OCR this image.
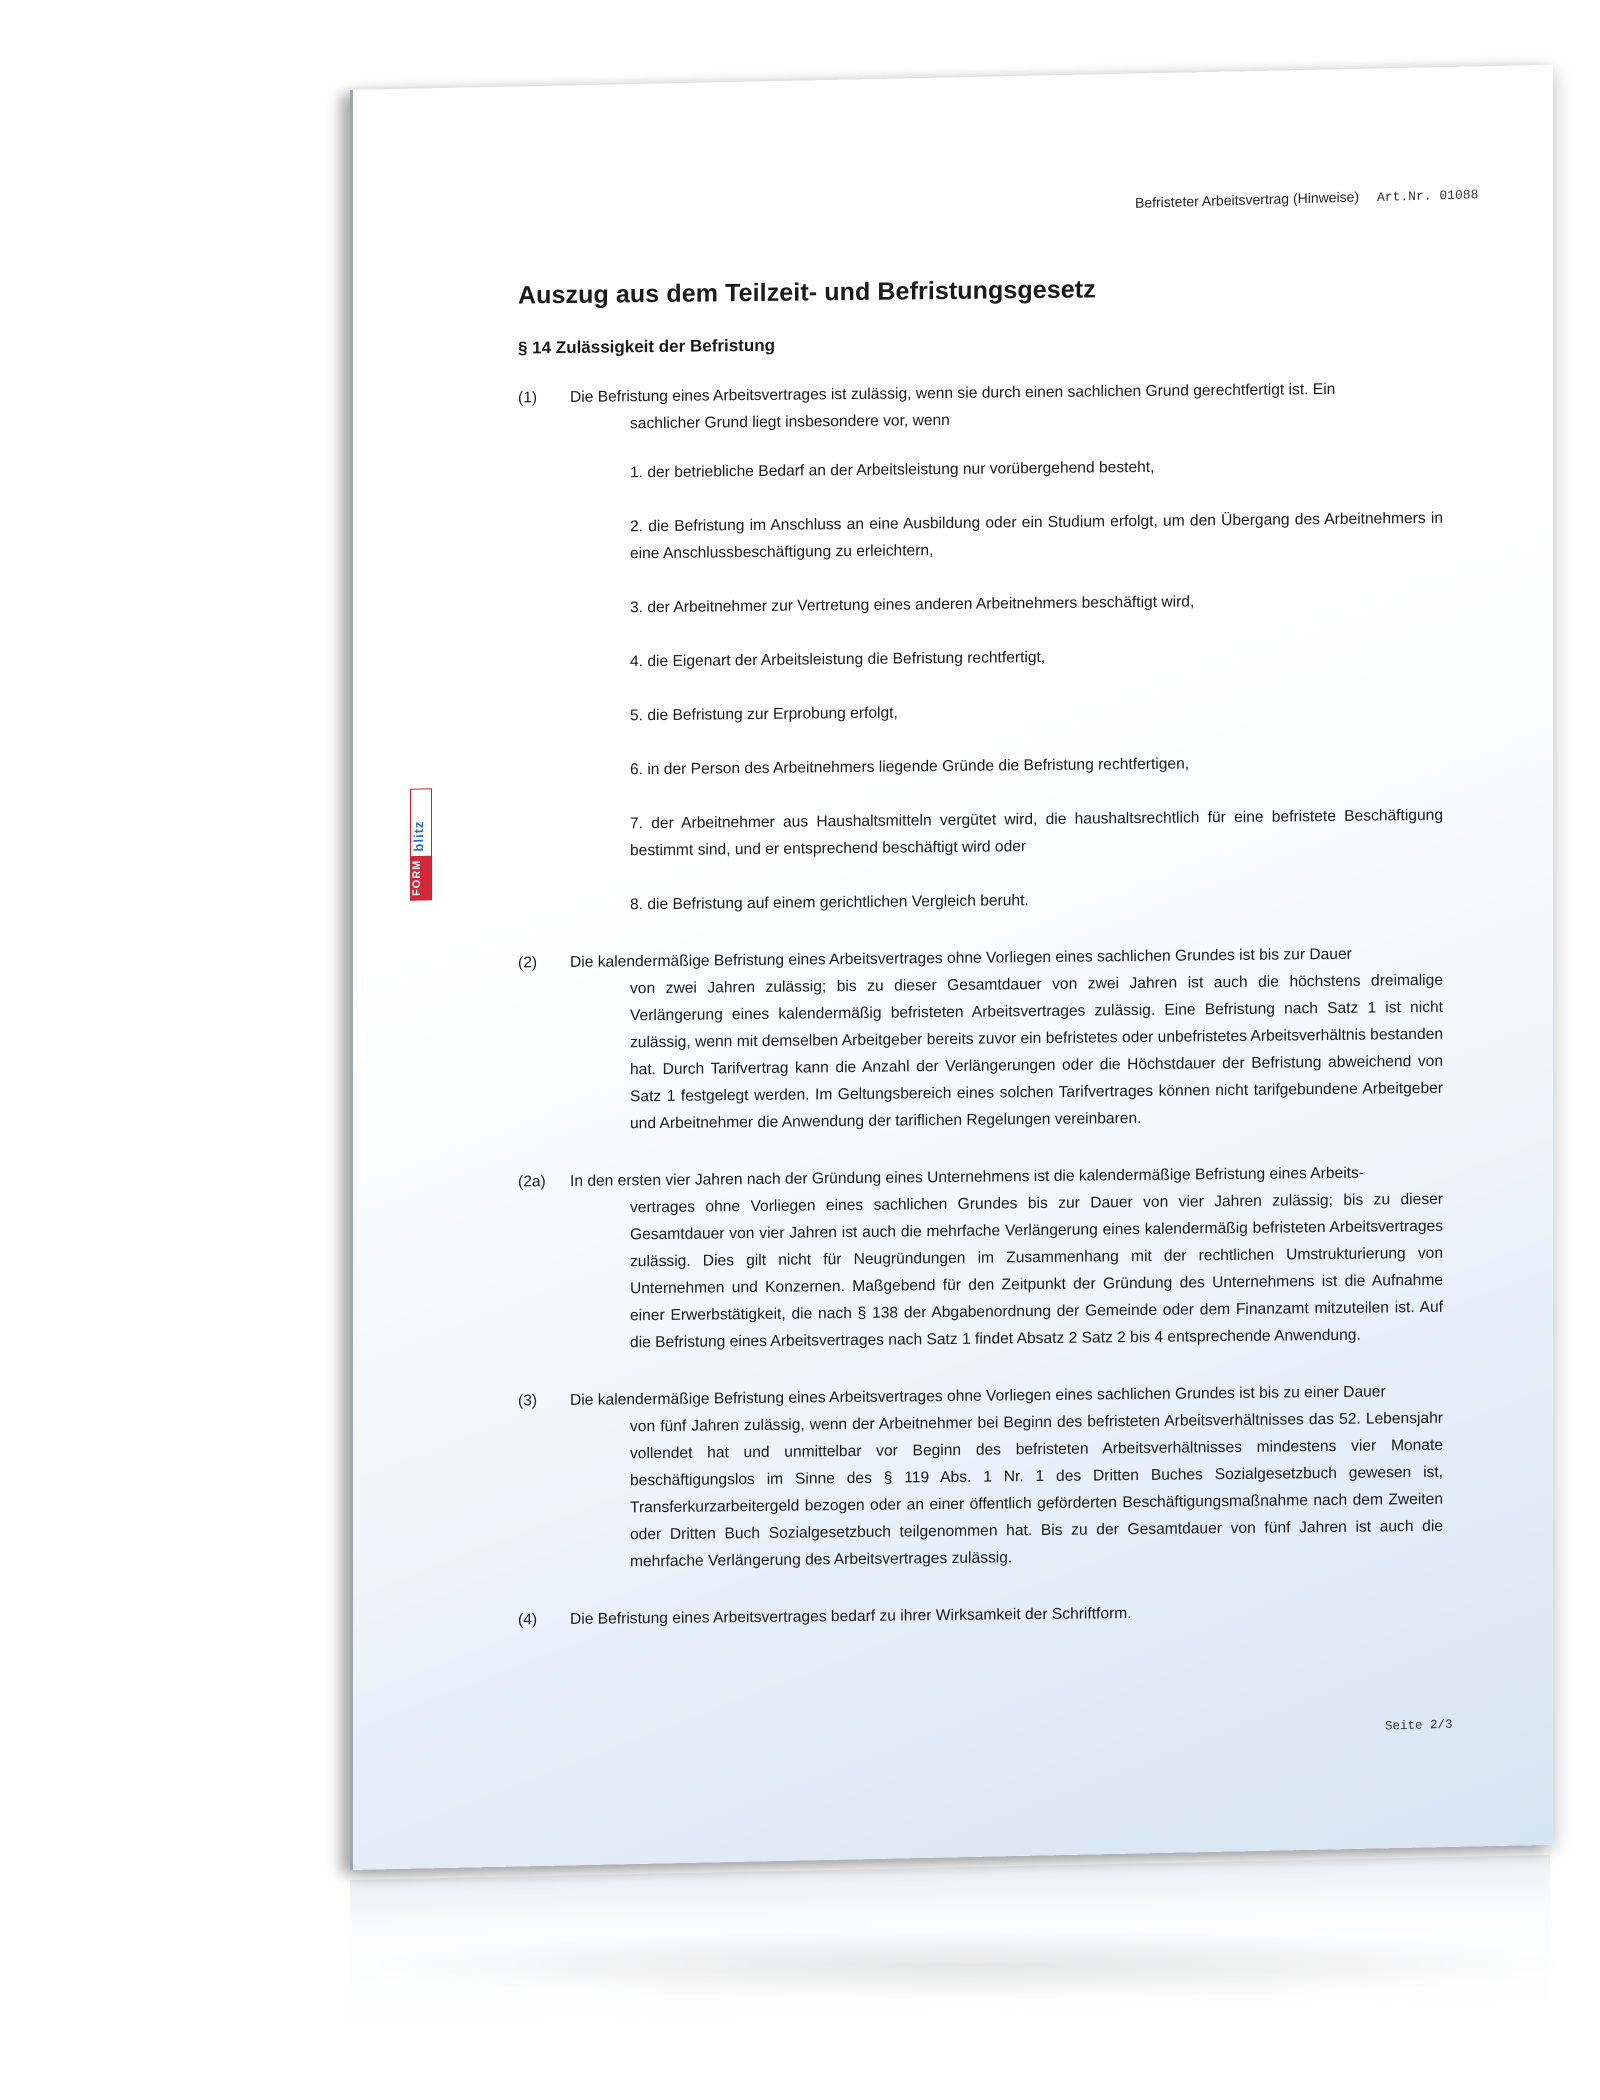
FORM
blitz
Befristeter Arbeitsvertrag (Hinweise) Art.Nr. 01088
Auszug aus dem Teilzeit- und Befristungsgesetz
§ 14 Zulässigkeit der Befristung
(1)	Die Befristung eines Arbeitsvertrages ist zulässig, wenn sie durch einen sachlichen Grund gerechtfertigt ist. Ein
sachlicher Grund liegt insbesondere vor, wenn
1. der betriebliche Bedarf an der Arbeitsleistung nur vorübergehend besteht,
2. die Befristung im Anschluss an eine Ausbildung oder ein Studium erfolgt, um den Übergang des Arbeitnehmers in eine Anschlussbeschäftigung zu erleichtern,
3. der Arbeitnehmer zur Vertretung eines anderen Arbeitnehmers beschäftigt wird,
4. die Eigenart der Arbeitsleistung die Befristung rechtfertigt,
5. die Befristung zur Erprobung erfolgt,
6. in der Person des Arbeitnehmers liegende Gründe die Befristung rechtfertigen,
7. der Arbeitnehmer aus Haushaltsmitteln vergütet wird, die haushaltsrechtlich für eine befristete Beschäftigung bestimmt sind, und er entsprechend beschäftigt wird oder
8. die Befristung auf einem gerichtlichen Vergleich beruht.
(2)	Die kalendermäßige Befristung eines Arbeitsvertrages ohne Vorliegen eines sachlichen Grundes ist bis zur Dauer
von zwei Jahren zulässig; bis zu dieser Gesamtdauer von zwei Jahren ist auch die höchstens dreimalige Verlängerung eines kalendermäßig befristeten Arbeitsvertrages zulässig. Eine Befristung nach Satz 1 ist nicht zulässig, wenn mit demselben Arbeitgeber bereits zuvor ein befristetes oder unbefristetes Arbeitsverhältnis bestanden hat. Durch Tarifvertrag kann die Anzahl der Verlängerungen oder die Höchstdauer der Befristung abweichend von Satz 1 festgelegt werden. Im Geltungsbereich eines solchen Tarifvertrages können nicht tarifgebundene Arbeitgeber und Arbeitnehmer die Anwendung der tariflichen Regelungen vereinbaren.
(2a)	In den ersten vier Jahren nach der Gründung eines Unternehmens ist die kalendermäßige Befristung eines Arbeits-
vertrages ohne Vorliegen eines sachlichen Grundes bis zur Dauer von vier Jahren zulässig; bis zu dieser Gesamtdauer von vier Jahren ist auch die mehrfache Verlängerung eines kalendermäßig befristeten Arbeitsvertrages zulässig. Dies gilt nicht für Neugründungen im Zusammenhang mit der rechtlichen Umstrukturierung von Unternehmen und Konzernen. Maßgebend für den Zeitpunkt der Gründung des Unternehmens ist die Aufnahme einer Erwerbstätigkeit, die nach § 138 der Abgabenordnung der Gemeinde oder dem Finanzamt mitzuteilen ist. Auf die Befristung eines Arbeitsvertrages nach Satz 1 findet Absatz 2 Satz 2 bis 4 entsprechende Anwendung.
(3)	Die kalendermäßige Befristung eines Arbeitsvertrages ohne Vorliegen eines sachlichen Grundes ist bis zu einer Dauer
von fünf Jahren zulässig, wenn der Arbeitnehmer bei Beginn des befristeten Arbeitsverhältnisses das 52. Lebensjahr vollendet hat und unmittelbar vor Beginn des befristeten Arbeitsverhältnisses mindestens vier Monate beschäftigungslos im Sinne des § 119 Abs. 1 Nr. 1 des Dritten Buches Sozialgesetzbuch gewesen ist, Transferkurzarbeitergeld bezogen oder an einer öffentlich geförderten Beschäftigungsmaßnahme nach dem Zweiten oder Dritten Buch Sozialgesetzbuch teilgenommen hat. Bis zu der Gesamtdauer von fünf Jahren ist auch die mehrfache Verlängerung des Arbeitsvertrages zulässig.
(4)	Die Befristung eines Arbeitsvertrages bedarf zu ihrer Wirksamkeit der Schriftform.
Seite 2/3
